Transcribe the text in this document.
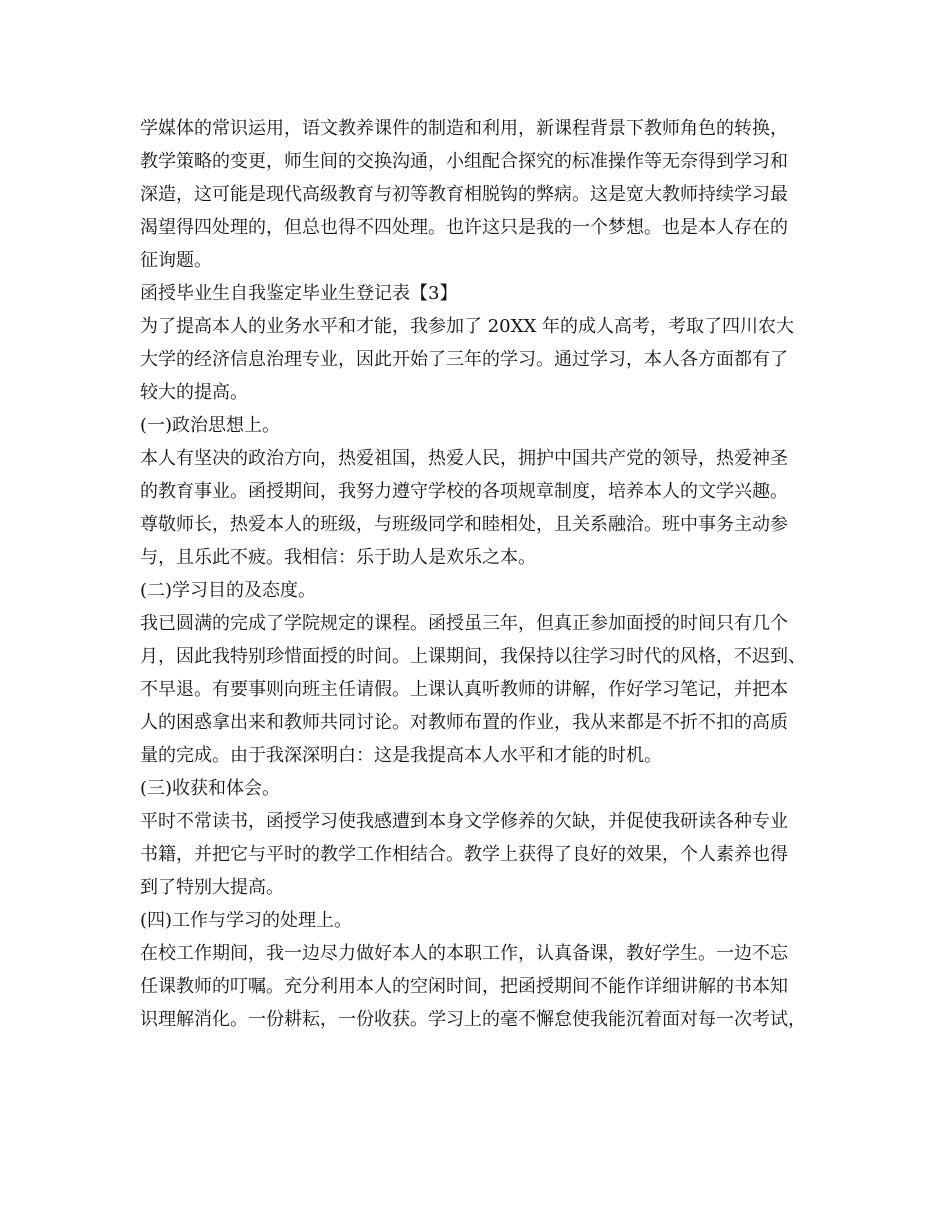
学媒体的常识运用，语文教养课件的制造和利用，新课程背景下教师角色的转换，
教学策略的变更，师生间的交换沟通，小组配合探究的标准操作等无奈得到学习和
深造，这可能是现代高级教育与初等教育相脱钩的弊病。这是宽大教师持续学习最
渴望得四处理的，但总也得不四处理。也许这只是我的一个梦想。也是本人存在的
征询题。

函授毕业生自我鉴定毕业生登记表【3】

为了提高本人的业务水平和才能，我参加了 20XX 年的成人高考，考取了四川农大
大学的经济信息治理专业，因此开始了三年的学习。通过学习，本人各方面都有了
较大的提高。

(一)政治思想上。

本人有坚决的政治方向，热爱祖国，热爱人民，拥护中国共产党的领导，热爱神圣
的教育事业。函授期间，我努力遵守学校的各项规章制度，培养本人的文学兴趣。
尊敬师长，热爱本人的班级，与班级同学和睦相处，且关系融洽。班中事务主动参
与，且乐此不疲。我相信：乐于助人是欢乐之本。

(二)学习目的及态度。

我已圆满的完成了学院规定的课程。函授虽三年，但真正参加面授的时间只有几个
月，因此我特别珍惜面授的时间。上课期间，我保持以往学习时代的风格，不迟到、
不早退。有要事则向班主任请假。上课认真听教师的讲解，作好学习笔记，并把本
人的困惑拿出来和教师共同讨论。对教师布置的作业，我从来都是不折不扣的高质
量的完成。由于我深深明白：这是我提高本人水平和才能的时机。

(三)收获和体会。

平时不常读书，函授学习使我感遭到本身文学修养的欠缺，并促使我研读各种专业
书籍，并把它与平时的教学工作相结合。教学上获得了良好的效果，个人素养也得
到了特别大提高。

(四)工作与学习的处理上。

在校工作期间，我一边尽力做好本人的本职工作，认真备课，教好学生。一边不忘
任课教师的叮嘱。充分利用本人的空闲时间，把函授期间不能作详细讲解的书本知
识理解消化。一份耕耘，一份收获。学习上的毫不懈怠使我能沉着面对每一次考试，
